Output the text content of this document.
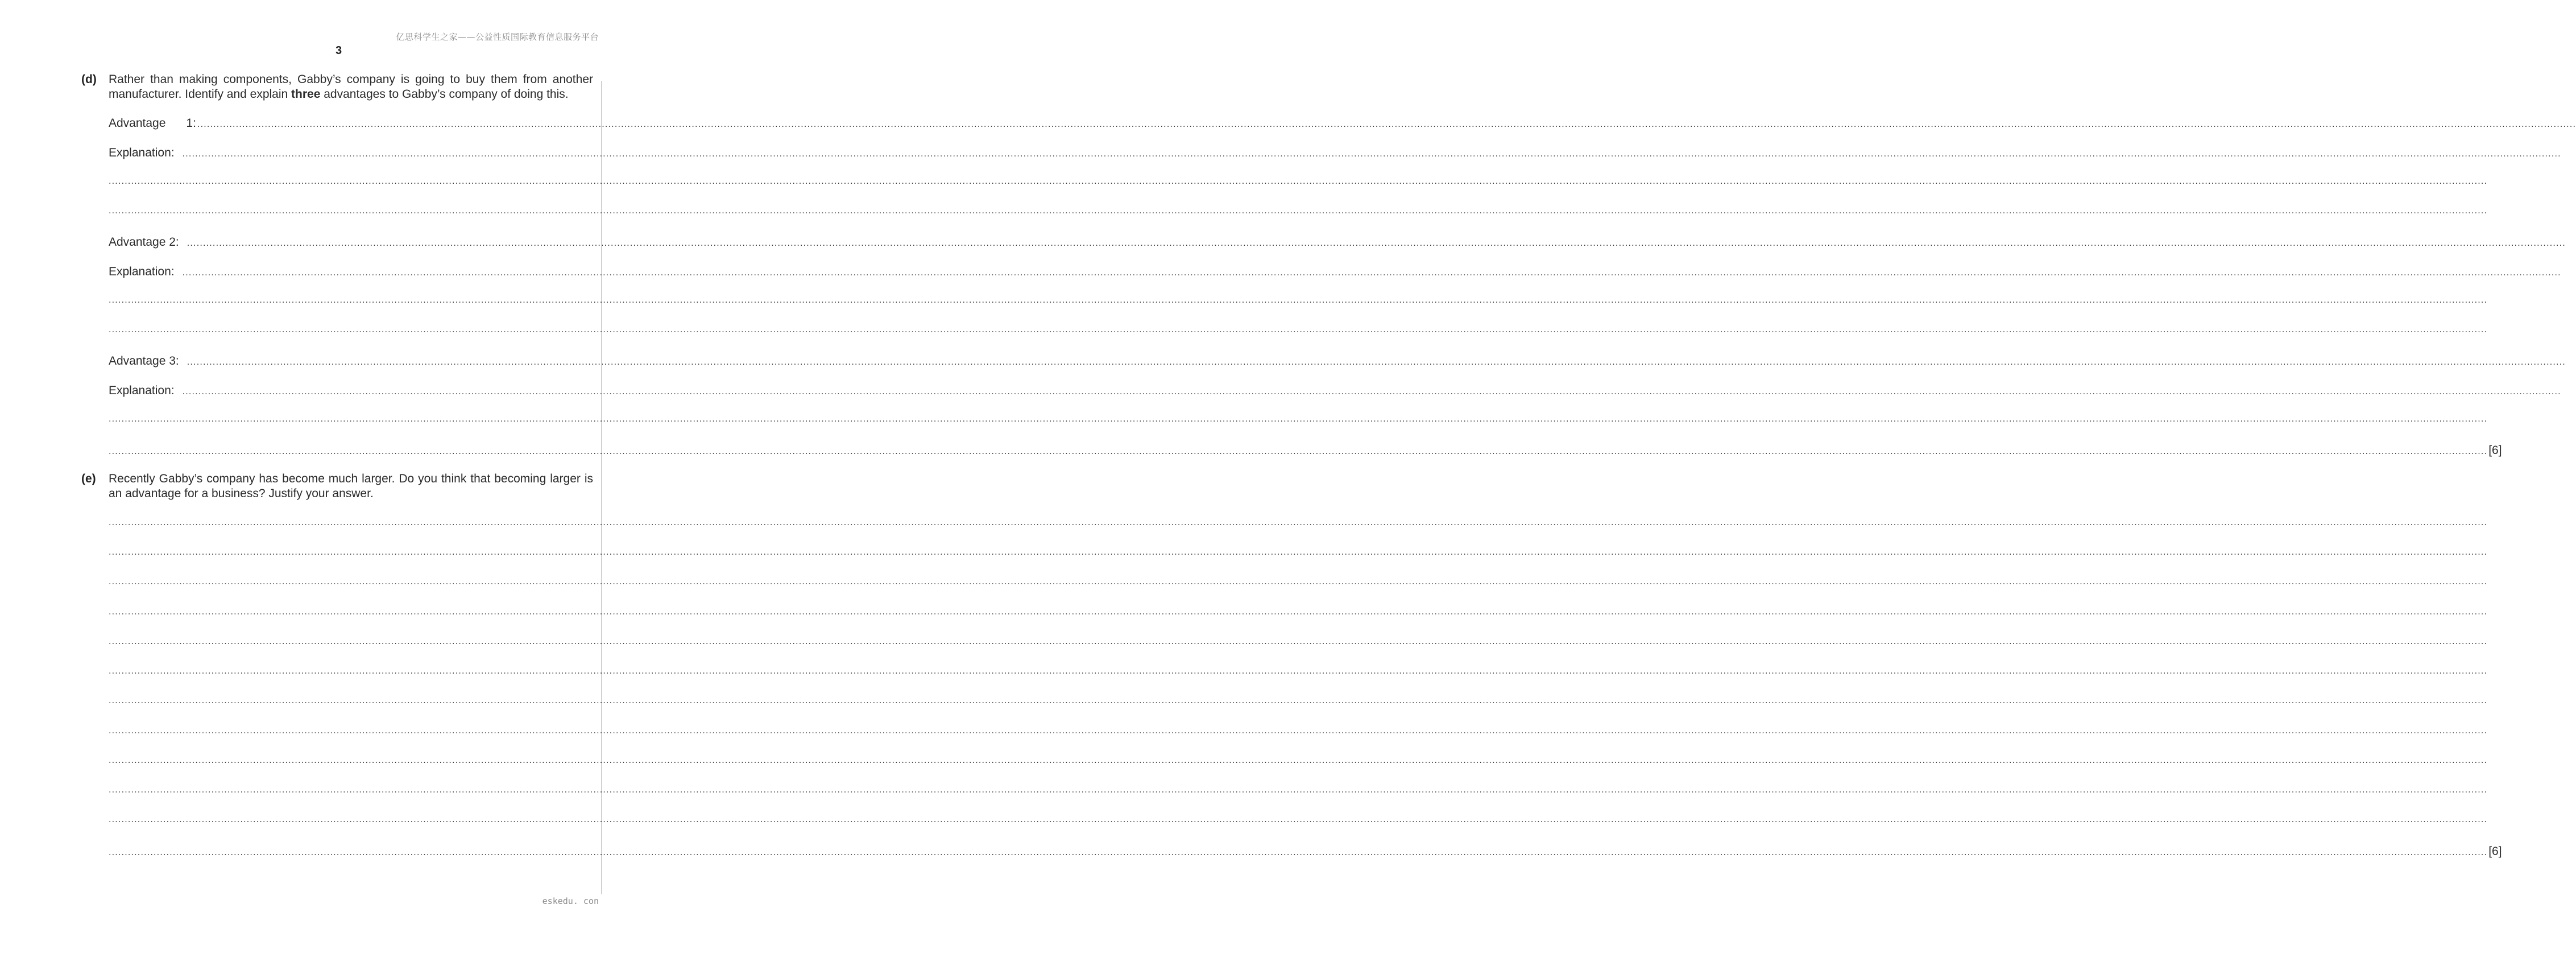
亿思科学生之家——公益性质国际教育信息服务平台
3
(d) Rather than making components, Gabby’s company is going to buy them from another manufacturer. Identify and explain three advantages to Gabby’s company of doing this.
Advantage 1: .....................................................................................................................................................................................................................................................................................................................................................................................................................................................................................................................................................................................................................................................................................................................................................................
Explanation: .....................................................................................................................................................................................................................................................................................................................................................................................................................................................................................................................................................................................................................................................................................................................................................................
.....................................................................................................................................................................................................................................................................................................................................................................................................................................................................................................................................................................................................................................................................................................................................................................
.....................................................................................................................................................................................................................................................................................................................................................................................................................................................................................................................................................................................................................................................................................................................................................................
Advantage 2: .....................................................................................................................................................................................................................................................................................................................................................................................................................................................................................................................................................................................................................................................................................................................................................................
Explanation: .....................................................................................................................................................................................................................................................................................................................................................................................................................................................................................................................................................................................................................................................................................................................................................................
.....................................................................................................................................................................................................................................................................................................................................................................................................................................................................................................................................................................................................................................................................................................................................................................
.....................................................................................................................................................................................................................................................................................................................................................................................................................................................................................................................................................................................................................................................................................................................................................................
Advantage 3: .....................................................................................................................................................................................................................................................................................................................................................................................................................................................................................................................................................................................................................................................................................................................................................................
Explanation: .....................................................................................................................................................................................................................................................................................................................................................................................................................................................................................................................................................................................................................................................................................................................................................................
.....................................................................................................................................................................................................................................................................................................................................................................................................................................................................................................................................................................................................................................................................................................................................................................
..................................................................................................................................................................................................................................................................................................................................................................................................................................................................................................................................................................................................................................................................................................................................................................... [6]
(e) Recently Gabby’s company has become much larger. Do you think that becoming larger is an advantage for a business? Justify your answer.
.....................................................................................................................................................................................................................................................................................................................................................................................................................................................................................................................................................................................................................................................................................................................................................................
.....................................................................................................................................................................................................................................................................................................................................................................................................................................................................................................................................................................................................................................................................................................................................................................
.....................................................................................................................................................................................................................................................................................................................................................................................................................................................................................................................................................................................................................................................................................................................................................................
.....................................................................................................................................................................................................................................................................................................................................................................................................................................................................................................................................................................................................................................................................................................................................................................
.....................................................................................................................................................................................................................................................................................................................................................................................................................................................................................................................................................................................................................................................................................................................................................................
.....................................................................................................................................................................................................................................................................................................................................................................................................................................................................................................................................................................................................................................................................................................................................................................
.....................................................................................................................................................................................................................................................................................................................................................................................................................................................................................................................................................................................................................................................................................................................................................................
.....................................................................................................................................................................................................................................................................................................................................................................................................................................................................................................................................................................................................................................................................................................................................................................
.....................................................................................................................................................................................................................................................................................................................................................................................................................................................................................................................................................................................................................................................................................................................................................................
.....................................................................................................................................................................................................................................................................................................................................................................................................................................................................................................................................................................................................................................................................................................................................................................
.....................................................................................................................................................................................................................................................................................................................................................................................................................................................................................................................................................................................................................................................................................................................................................................
..................................................................................................................................................................................................................................................................................................................................................................................................................................................................................................................................................................................................................................................................................................................................................................... [6]
eskedu. con
